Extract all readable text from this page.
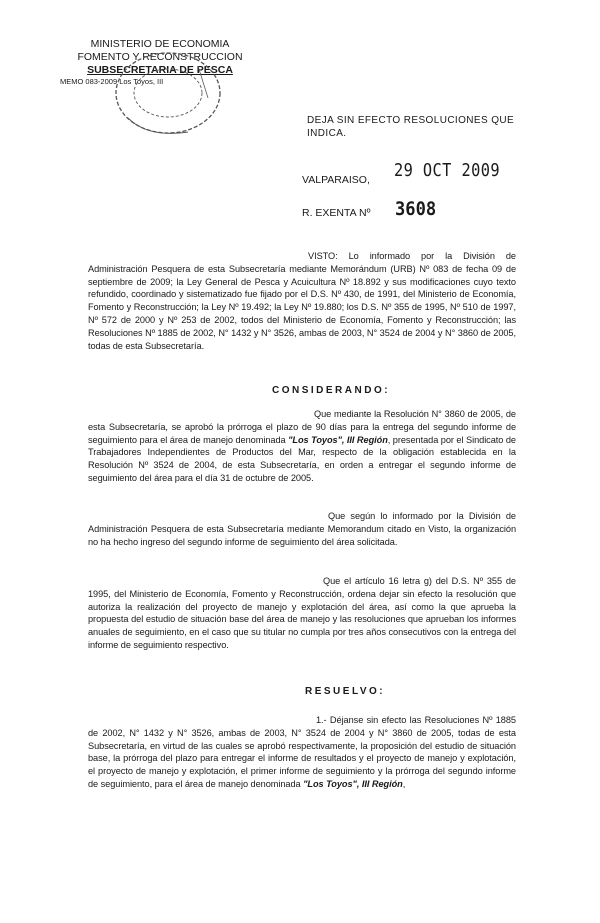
MINISTERIO DE ECONOMIA
FOMENTO Y RECONSTRUCCION
SUBSECRETARIA DE PESCA
MEMO 083-2009 Los Toyos, III
DEJA SIN EFECTO RESOLUCIONES QUE INDICA.
VALPARAISO, 29 OCT 2009
R. EXENTA Nº 3608
VISTO: Lo informado por la División de Administración Pesquera de esta Subsecretaría mediante Memorándum (URB) Nº 083 de fecha 09 de septiembre de 2009; la Ley General de Pesca y Acuicultura Nº 18.892 y sus modificaciones cuyo texto refundido, coordinado y sistematizado fue fijado por el D.S. Nº 430, de 1991, del Ministerio de Economía, Fomento y Reconstrucción; la Ley Nº 19.492; la Ley Nº 19.880; los D.S. Nº 355 de 1995, Nº 510 de 1997, Nº 572 de 2000 y Nº 253 de 2002, todos del Ministerio de Economía, Fomento y Reconstrucción; las Resoluciones Nº 1885 de 2002, N° 1432 y N° 3526, ambas de 2003, N° 3524 de 2004 y N° 3860 de 2005, todas de esta Subsecretaría.
CONSIDERANDO:
Que mediante la Resolución N° 3860 de 2005, de esta Subsecretaría, se aprobó la prórroga el plazo de 90 días para la entrega del segundo informe de seguimiento para el área de manejo denominada "Los Toyos", III Región, presentada por el Sindicato de Trabajadores Independientes de Productos del Mar, respecto de la obligación establecida en la Resolución Nº 3524 de 2004, de esta Subsecretaría, en orden a entregar el segundo informe de seguimiento del área para el día 31 de octubre de 2005.
Que según lo informado por la División de Administración Pesquera de esta Subsecretaría mediante Memorandum citado en Visto, la organización no ha hecho ingreso del segundo informe de seguimiento del área solicitada.
Que el artículo 16 letra g) del D.S. Nº 355 de 1995, del Ministerio de Economía, Fomento y Reconstrucción, ordena dejar sin efecto la resolución que autoriza la realización del proyecto de manejo y explotación del área, así como la que aprueba la propuesta del estudio de situación base del área de manejo y las resoluciones que aprueban los informes anuales de seguimiento, en el caso que su titular no cumpla por tres años consecutivos con la entrega del informe de seguimiento respectivo.
RESUELVO:
1.- Déjanse sin efecto las Resoluciones Nº 1885 de 2002, N° 1432 y N° 3526, ambas de 2003, N° 3524 de 2004 y N° 3860 de 2005, todas de esta Subsecretaría, en virtud de las cuales se aprobó respectivamente, la proposición del estudio de situación base, la prórroga del plazo para entregar el informe de resultados y el proyecto de manejo y explotación, el proyecto de manejo y explotación, el primer informe de seguimiento y la prórroga del segundo informe de seguimiento, para el área de manejo denominada "Los Toyos", III Región,
